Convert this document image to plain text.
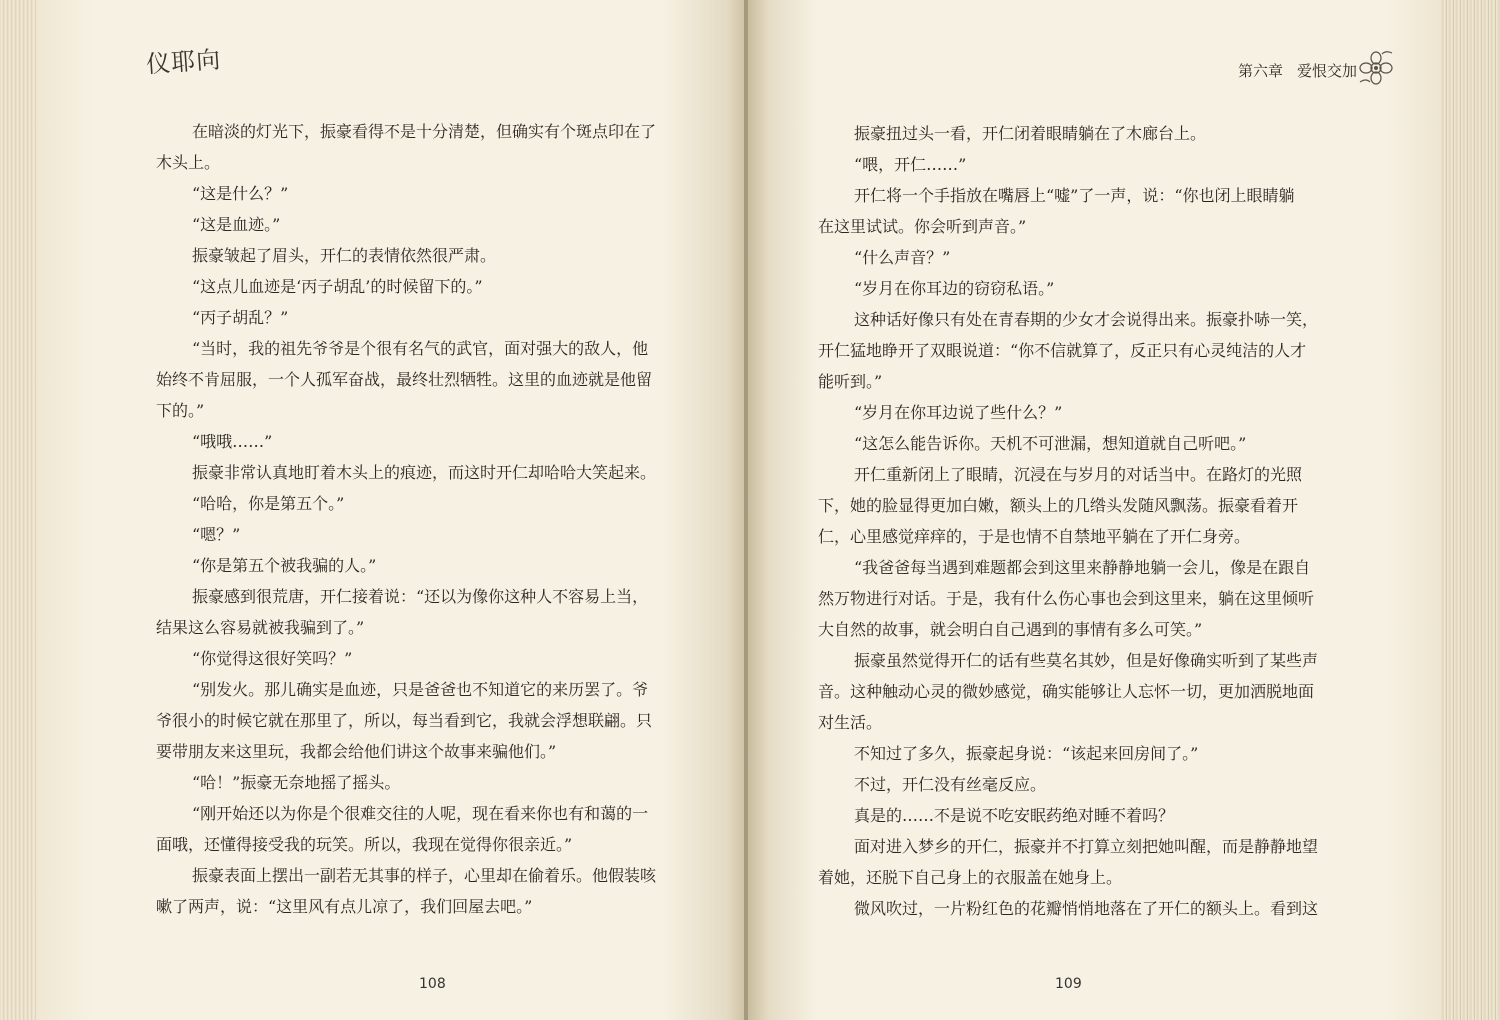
仪耶向

在暗淡的灯光下，振豪看得不是十分清楚，但确实有个斑点印在了

木头上。

“这是什么？”

“这是血迹。”

振豪皱起了眉头，开仁的表情依然很严肃。

“这点儿血迹是‘丙子胡乱’的时候留下的。”

“丙子胡乱？”

“当时，我的祖先爷爷是个很有名气的武官，面对强大的敌人，他

始终不肯屈服，一个人孤军奋战，最终壮烈牺牲。这里的血迹就是他留

下的。”

“哦哦……”

振豪非常认真地盯着木头上的痕迹，而这时开仁却哈哈大笑起来。

“哈哈，你是第五个。”

“嗯？”

“你是第五个被我骗的人。”

振豪感到很荒唐，开仁接着说：“还以为像你这种人不容易上当，

结果这么容易就被我骗到了。”

“你觉得这很好笑吗？”

“别发火。那儿确实是血迹，只是爸爸也不知道它的来历罢了。爷

爷很小的时候它就在那里了，所以，每当看到它，我就会浮想联翩。只

要带朋友来这里玩，我都会给他们讲这个故事来骗他们。”

“哈！”振豪无奈地摇了摇头。

“刚开始还以为你是个很难交往的人呢，现在看来你也有和蔼的一

面哦，还懂得接受我的玩笑。所以，我现在觉得你很亲近。”

振豪表面上摆出一副若无其事的样子，心里却在偷着乐。他假装咳

嗽了两声，说：“这里风有点儿凉了，我们回屋去吧。”

108
第六章 爱恨交加

振豪扭过头一看，开仁闭着眼睛躺在了木廊台上。

“喂，开仁……”

开仁将一个手指放在嘴唇上“嘘”了一声，说：“你也闭上眼睛躺

在这里试试。你会听到声音。”

“什么声音？”

“岁月在你耳边的窃窃私语。”

这种话好像只有处在青春期的少女才会说得出来。振豪扑哧一笑，

开仁猛地睁开了双眼说道：“你不信就算了，反正只有心灵纯洁的人才

能听到。”

“岁月在你耳边说了些什么？”

“这怎么能告诉你。天机不可泄漏，想知道就自己听吧。”

开仁重新闭上了眼睛，沉浸在与岁月的对话当中。在路灯的光照

下，她的脸显得更加白嫩，额头上的几绺头发随风飘荡。振豪看着开

仁，心里感觉痒痒的，于是也情不自禁地平躺在了开仁身旁。

“我爸爸每当遇到难题都会到这里来静静地躺一会儿，像是在跟自

然万物进行对话。于是，我有什么伤心事也会到这里来，躺在这里倾听

大自然的故事，就会明白自己遇到的事情有多么可笑。”

振豪虽然觉得开仁的话有些莫名其妙，但是好像确实听到了某些声

音。这种触动心灵的微妙感觉，确实能够让人忘怀一切，更加洒脱地面

对生活。

不知过了多久，振豪起身说：“该起来回房间了。”

不过，开仁没有丝毫反应。

真是的……不是说不吃安眠药绝对睡不着吗？

面对进入梦乡的开仁，振豪并不打算立刻把她叫醒，而是静静地望

着她，还脱下自己身上的衣服盖在她身上。

微风吹过，一片粉红色的花瓣悄悄地落在了开仁的额头上。看到这

109
